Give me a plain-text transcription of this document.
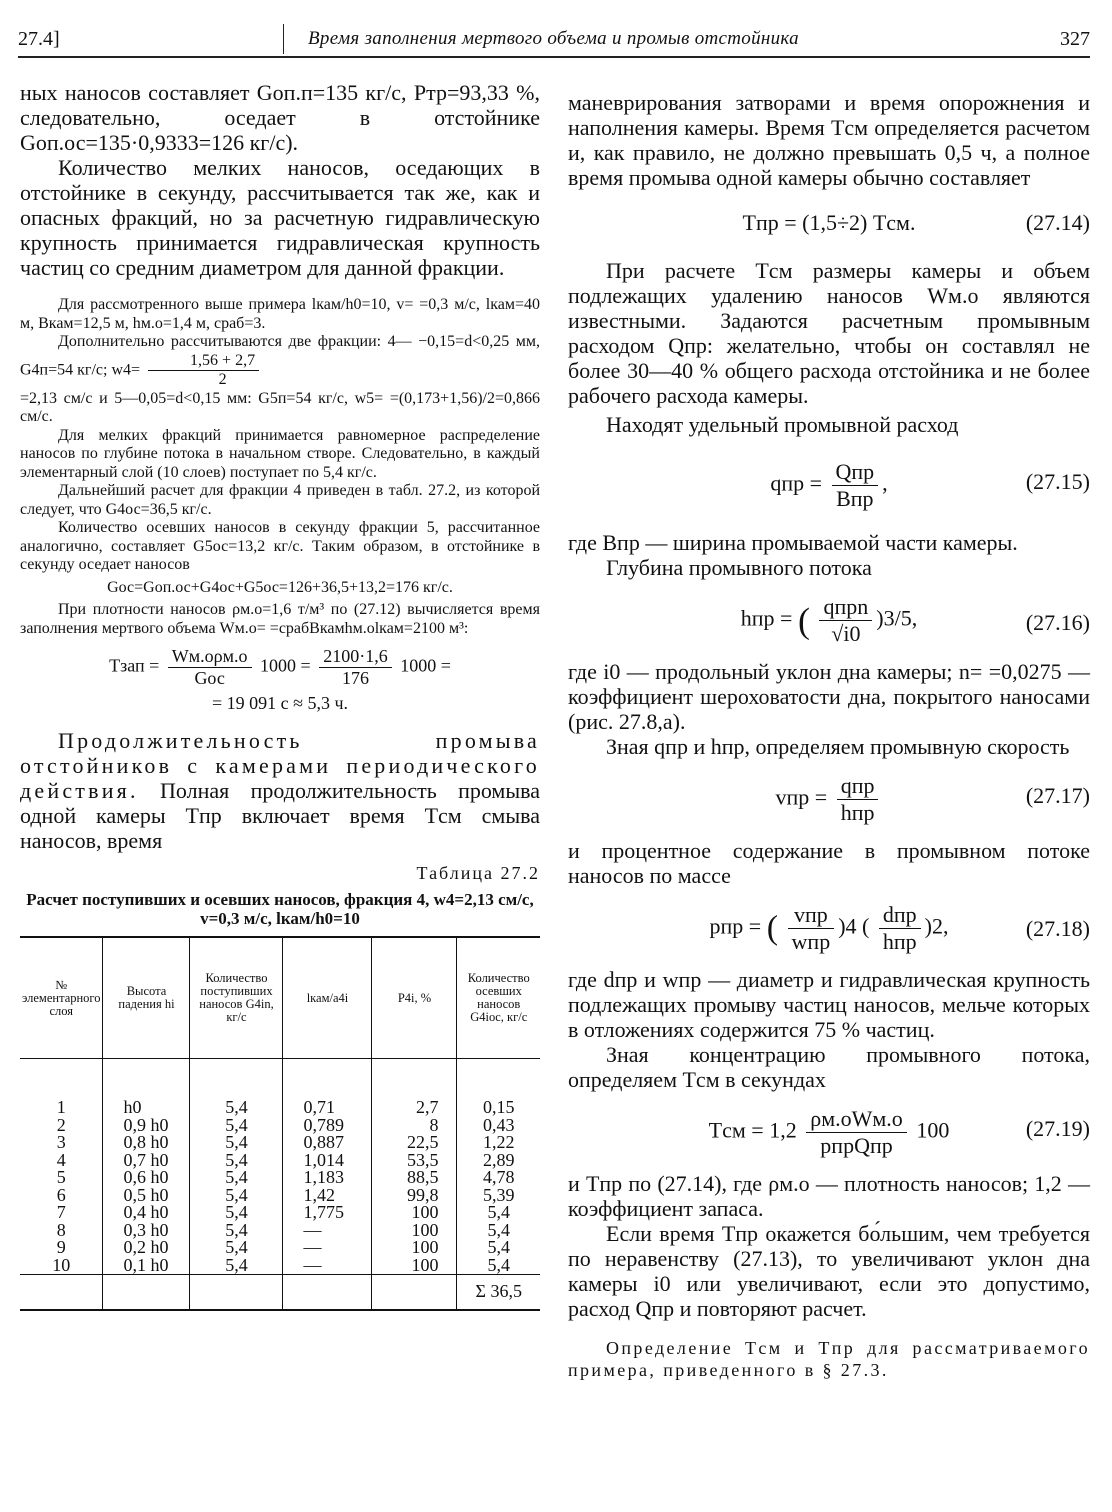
27.4]	Время заполнения мертвого объема и промыв отстойника	327

ных наносов составляет Gоп.п=135 кг/с, Pтр=93,33 %, следовательно, оседает в отстойнике Gоп.ос=135·0,9333=126 кг/с).

Количество мелких наносов, оседающих в отстойнике в секунду, рассчитывается так же, как и опасных фракций, но за расчетную гидравлическую крупность принимается гидравлическая крупность частиц со средним диаметром для данной фракции.

Для рассмотренного выше примера lкам/h0=10, v= =0,3 м/с, lкам=40 м, Bкам=12,5 м, hм.о=1,4 м, cраб=3.

Дополнительно рассчитываются две фракции: 4— −0,15=d<0,25 мм, G4п=54 кг/с; $w4= \frac{1,56 + 2,7}{2}$

=2,13 см/с и 5—0,05=d<0,15 мм: G5п=54 кг/с, w5= =(0,173+1,56)/2=0,866 см/с.

Для мелких фракций принимается равномерное распределение наносов по глубине потока в начальном створе. Следовательно, в каждый элементарный слой (10 слоев) поступает по 5,4 кг/с.

Дальнейший расчет для фракции 4 приведен в табл. 27.2, из которой следует, что G4ос=36,5 кг/с.

Количество осевших наносов в секунду фракции 5, рассчитанное аналогично, составляет G5ос=13,2 кг/с. Таким образом, в отстойнике в секунду оседает наносов

Gос=Gоп.ос+G4ос+G5ос=126+36,5+13,2=176 кг/с.

При плотности наносов ρм.о=1,6 т/м³ по (27.12) вычисляется время заполнения мертвого объема Wм.о= =cрабBкамhм.оlкам=2100 м³:

Tзап = $\frac{\text{Wм.оρм.о}}{\text{Gос}} 1000 = \frac{2100\cdot 1,6}{176} 1000$ =
= 19 091 с ≈ 5,3 ч.

Продолжительность промыва отстойников с камерами периодического действия. Полная продолжительность промыва одной камеры Tпр включает время Tсм смыва наносов, время

Таблица 27.2
Расчет поступивших и осевших наносов, фракция 4, w4=2,13 см/с, v=0,3 м/с, lкам/h0=10
№ элементарного слоя	Высота падения hi	Количество поступивших наносов G4in, кг/с	lкам/a4i	P4i, %	Количество осевших наносов G4ioc, кг/с
1	h0	5,4	0,71	2,7	0,15
2	0,9 h0	5,4	0,789	8	0,43
3	0,8 h0	5,4	0,887	22,5	1,22
4	0,7 h0	5,4	1,014	53,5	2,89
5	0,6 h0	5,4	1,183	88,5	4,78
6	0,5 h0	5,4	1,42	99,8	5,39
7	0,4 h0	5,4	1,775	100	5,4
8	0,3 h0	5,4	—	100	5,4
9	0,2 h0	5,4	—	100	5,4
10	0,1 h0	5,4	—	100	5,4
					Σ 36,5

маневрирования затворами и время опорожнения и наполнения камеры. Время Tсм определяется расчетом и, как правило, не должно превышать 0,5 ч, а полное время промыва одной камеры обычно составляет

Tпр = (1,5÷2) Tсм.	(27.14)

При расчете Tсм размеры камеры и объем подлежащих удалению наносов Wм.о являются известными. Задаются расчетным промывным расходом Qпр: желательно, чтобы он составлял не более 30—40 % общего расхода отстойника и не более рабочего расхода камеры.

Находят удельный промывной расход

qпр = $\frac{\text{Qпр}}{\text{Bпр}}$ ,	(27.15)

где Bпр — ширина промываемой части камеры.

Глубина промывного потока

hпр = ( $\frac{\text{qпрn}}{√i0} )3/5$,	(27.16)

где i0 — продольный уклон дна камеры; n= =0,0275 — коэффициент шероховатости дна, покрытого наносами (рис. 27.8,a).

Зная qпр и hпр, определяем промывную скорость

vпр = $\frac{\text{qпр}}{\text{hпр}}$	(27.17)

и процентное содержание в промывном потоке наносов по массе

pпр = ( $\frac{\text{vпр}}{\text{wпр}} )4$ ( $\frac{\text{dпр}}{\text{hпр}} )2$,	(27.18)

где dпр и wпр — диаметр и гидравлическая крупность подлежащих промыву частиц наносов, мельче которых в отложениях содержится 75 % частиц.

Зная концентрацию промывного потока, определяем Tсм в секундах

Tсм = $1,2 \frac{\text{ρм.оWм.о}}{\text{pпрQпр}} 100$	(27.19)

и Tпр по (27.14), где ρм.о — плотность наносов; 1,2 — коэффициент запаса.

Если время Tпр окажется бо́льшим, чем требуется по неравенству (27.13), то увеличивают уклон дна камеры i0 или увеличивают, если это допустимо, расход Qпр и повторяют расчет.

Определение Tсм и Tпр для рассматриваемого примера, приведенного в § 27.3.
